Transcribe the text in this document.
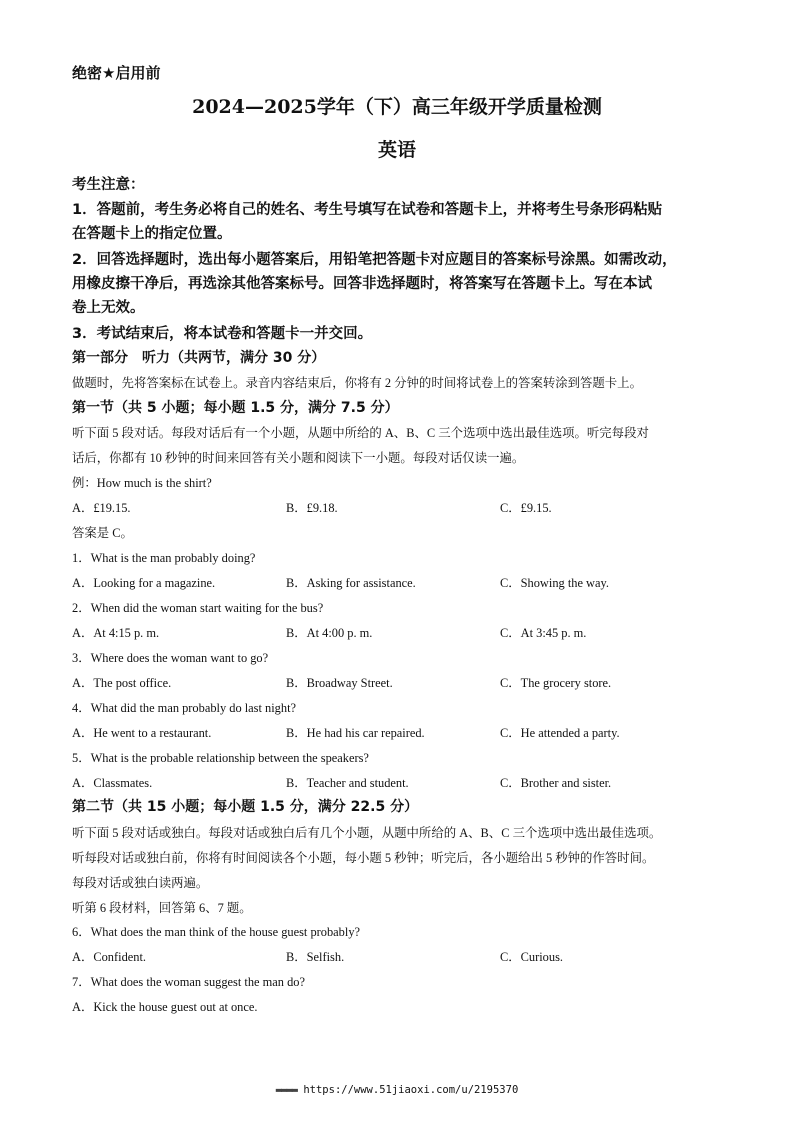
绝密★启用前
2024—2025学年（下）高三年级开学质量检测
英语
考生注意：
1．答题前，考生务必将自己的姓名、考生号填写在试卷和答题卡上，并将考生号条形码粘贴
在答题卡上的指定位置。
2．回答选择题时，选出每小题答案后，用铅笔把答题卡对应题目的答案标号涂黑。如需改动，
用橡皮擦干净后，再选涂其他答案标号。回答非选择题时，将答案写在答题卡上。写在本试
卷上无效。
3．考试结束后，将本试卷和答题卡一并交回。
第一部分　听力（共两节，满分 30 分）
做题时，先将答案标在试卷上。录音内容结束后，你将有 2 分钟的时间将试卷上的答案转涂到答题卡上。
第一节（共 5 小题；每小题 1.5 分，满分 7.5 分）
听下面 5 段对话。每段对话后有一个小题，从题中所给的 A、B、C 三个选项中选出最佳选项。听完每段对
话后，你都有 10 秒钟的时间来回答有关小题和阅读下一小题。每段对话仅读一遍。
例：How much is the shirt?
A．£19.15.	B．£9.18.	C．£9.15.
答案是 C。
1．What is the man probably doing?
A．Looking for a magazine.	B．Asking for assistance.	C．Showing the way.
2．When did the woman start waiting for the bus?
A．At 4:15 p. m.	B．At 4:00 p. m.	C．At 3:45 p. m.
3．Where does the woman want to go?
A．The post office.	B．Broadway Street.	C．The grocery store.
4．What did the man probably do last night?
A．He went to a restaurant.	B．He had his car repaired.	C．He attended a party.
5．What is the probable relationship between the speakers?
A．Classmates.	B．Teacher and student.	C．Brother and sister.
第二节（共 15 小题；每小题 1.5 分，满分 22.5 分）
听下面 5 段对话或独白。每段对话或独白后有几个小题，从题中所给的 A、B、C 三个选项中选出最佳选项。
听每段对话或独白前，你将有时间阅读各个小题，每小题 5 秒钟；听完后，各小题给出 5 秒钟的作答时间。
每段对话或独白读两遍。
听第 6 段材料，回答第 6、7 题。
6．What does the man think of the house guest probably?
A．Confident.	B．Selfish.	C．Curious.
7．What does the woman suggest the man do?
A．Kick the house guest out at once.
▬▬▬▬ https://www.51jiaoxi.com/u/2195370
